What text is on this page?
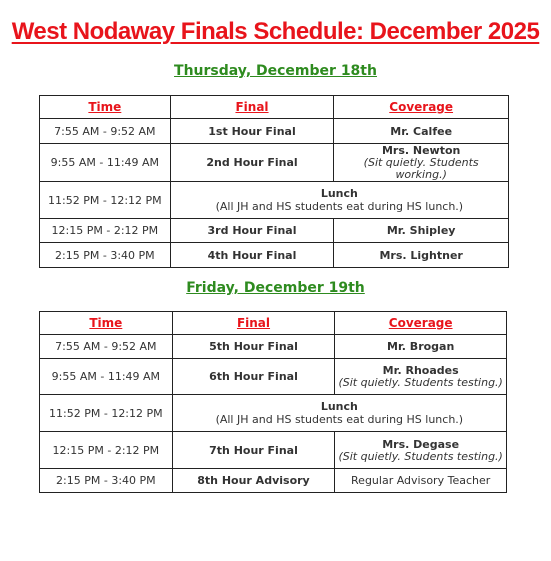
West Nodaway Finals Schedule: December 2025
Thursday, December 18th
Time	Final	Coverage
7:55 AM - 9:52 AM	1st Hour Final	Mr. Calfee
9:55 AM - 11:49 AM	2nd Hour Final	Mrs. Newton
(Sit quietly. Students working.)

11:52 PM - 12:12 PM	Lunch
(All JH and HS students eat during HS lunch.)	

12:15 PM - 2:12 PM	3rd Hour Final	Mr. Shipley
2:15 PM - 3:40 PM	4th Hour Final	Mrs. Lightner
Friday, December 19th
Time	Final	Coverage
7:55 AM - 9:52 AM	5th Hour Final	Mr. Brogan
9:55 AM - 11:49 AM	6th Hour Final	Mr. Rhoades
(Sit quietly. Students testing.)

11:52 PM - 12:12 PM	Lunch
(All JH and HS students eat during HS lunch.)	

12:15 PM - 2:12 PM	7th Hour Final	Mrs. Degase
(Sit quietly. Students testing.)

2:15 PM - 3:40 PM	8th Hour Advisory	Regular Advisory Teacher
